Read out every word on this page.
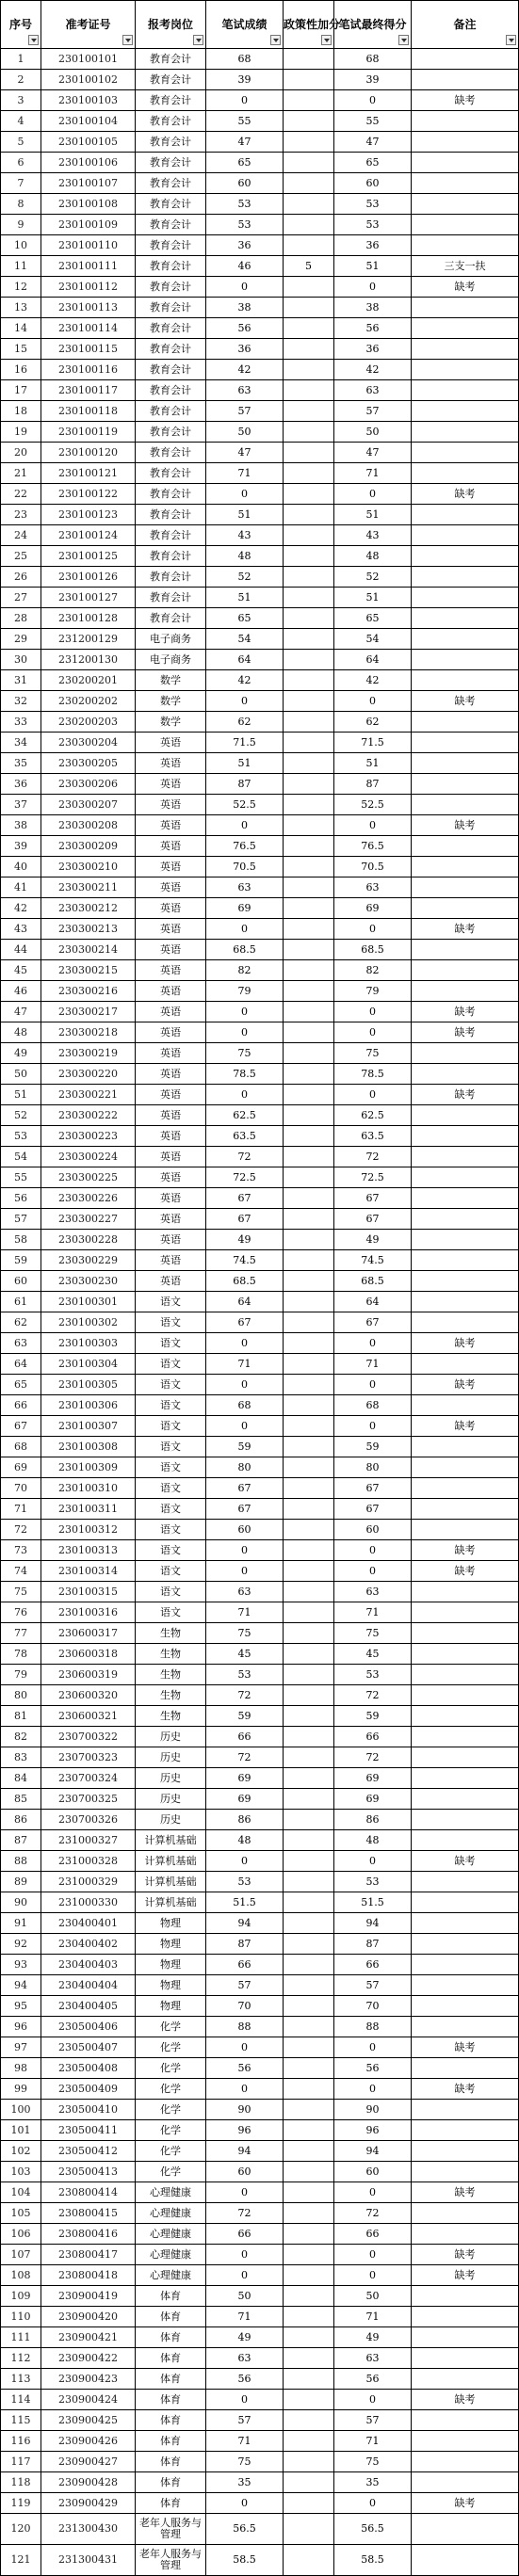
序号	准考证号	报考岗位	笔试成绩	政策性加分	笔试最终得分	备注

1	230100101	教育会计	68		68	
2	230100102	教育会计	39		39	
3	230100103	教育会计	0		0	缺考
4	230100104	教育会计	55		55	
5	230100105	教育会计	47		47	
6	230100106	教育会计	65		65	
7	230100107	教育会计	60		60	
8	230100108	教育会计	53		53	
9	230100109	教育会计	53		53	
10	230100110	教育会计	36		36	
11	230100111	教育会计	46	5	51	三支一扶
12	230100112	教育会计	0		0	缺考
13	230100113	教育会计	38		38	
14	230100114	教育会计	56		56	
15	230100115	教育会计	36		36	
16	230100116	教育会计	42		42	
17	230100117	教育会计	63		63	
18	230100118	教育会计	57		57	
19	230100119	教育会计	50		50	
20	230100120	教育会计	47		47	
21	230100121	教育会计	71		71	
22	230100122	教育会计	0		0	缺考
23	230100123	教育会计	51		51	
24	230100124	教育会计	43		43	
25	230100125	教育会计	48		48	
26	230100126	教育会计	52		52	
27	230100127	教育会计	51		51	
28	230100128	教育会计	65		65	
29	231200129	电子商务	54		54	
30	231200130	电子商务	64		64	
31	230200201	数学	42		42	
32	230200202	数学	0		0	缺考
33	230200203	数学	62		62	
34	230300204	英语	71.5		71.5	
35	230300205	英语	51		51	
36	230300206	英语	87		87	
37	230300207	英语	52.5		52.5	
38	230300208	英语	0		0	缺考
39	230300209	英语	76.5		76.5	
40	230300210	英语	70.5		70.5	
41	230300211	英语	63		63	
42	230300212	英语	69		69	
43	230300213	英语	0		0	缺考
44	230300214	英语	68.5		68.5	
45	230300215	英语	82		82	
46	230300216	英语	79		79	
47	230300217	英语	0		0	缺考
48	230300218	英语	0		0	缺考
49	230300219	英语	75		75	
50	230300220	英语	78.5		78.5	
51	230300221	英语	0		0	缺考
52	230300222	英语	62.5		62.5	
53	230300223	英语	63.5		63.5	
54	230300224	英语	72		72	
55	230300225	英语	72.5		72.5	
56	230300226	英语	67		67	
57	230300227	英语	67		67	
58	230300228	英语	49		49	
59	230300229	英语	74.5		74.5	
60	230300230	英语	68.5		68.5	
61	230100301	语文	64		64	
62	230100302	语文	67		67	
63	230100303	语文	0		0	缺考
64	230100304	语文	71		71	
65	230100305	语文	0		0	缺考
66	230100306	语文	68		68	
67	230100307	语文	0		0	缺考
68	230100308	语文	59		59	
69	230100309	语文	80		80	
70	230100310	语文	67		67	
71	230100311	语文	67		67	
72	230100312	语文	60		60	
73	230100313	语文	0		0	缺考
74	230100314	语文	0		0	缺考
75	230100315	语文	63		63	
76	230100316	语文	71		71	
77	230600317	生物	75		75	
78	230600318	生物	45		45	
79	230600319	生物	53		53	
80	230600320	生物	72		72	
81	230600321	生物	59		59	
82	230700322	历史	66		66	
83	230700323	历史	72		72	
84	230700324	历史	69		69	
85	230700325	历史	69		69	
86	230700326	历史	86		86	
87	231000327	计算机基础	48		48	
88	231000328	计算机基础	0		0	缺考
89	231000329	计算机基础	53		53	
90	231000330	计算机基础	51.5		51.5	
91	230400401	物理	94		94	
92	230400402	物理	87		87	
93	230400403	物理	66		66	
94	230400404	物理	57		57	
95	230400405	物理	70		70	
96	230500406	化学	88		88	
97	230500407	化学	0		0	缺考
98	230500408	化学	56		56	
99	230500409	化学	0		0	缺考
100	230500410	化学	90		90	
101	230500411	化学	96		96	
102	230500412	化学	94		94	
103	230500413	化学	60		60	
104	230800414	心理健康	0		0	缺考
105	230800415	心理健康	72		72	
106	230800416	心理健康	66		66	
107	230800417	心理健康	0		0	缺考
108	230800418	心理健康	0		0	缺考
109	230900419	体育	50		50	
110	230900420	体育	71		71	
111	230900421	体育	49		49	
112	230900422	体育	63		63	
113	230900423	体育	56		56	
114	230900424	体育	0		0	缺考
115	230900425	体育	57		57	
116	230900426	体育	71		71	
117	230900427	体育	75		75	
118	230900428	体育	35		35	
119	230900429	体育	0		0	缺考
120	231300430	老年人服务与管理	56.5		56.5	
121	231300431	老年人服务与管理	58.5		58.5	
